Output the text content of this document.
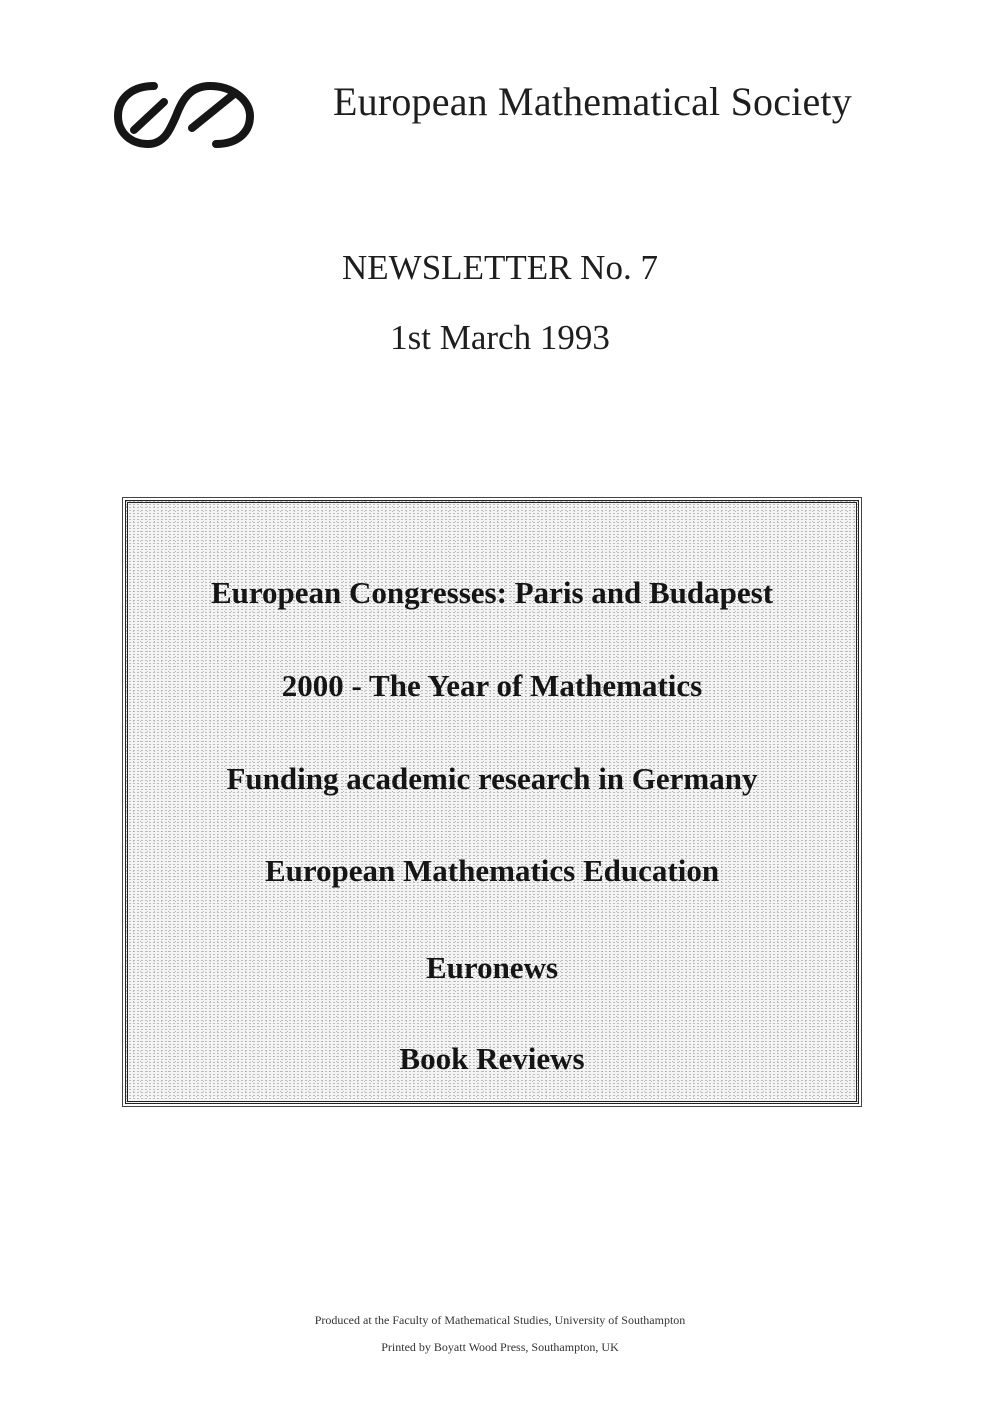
European Mathematical Society
NEWSLETTER No. 7
1st March 1993
European Congresses: Paris and Budapest
2000 - The Year of Mathematics
Funding academic research in Germany
European Mathematics Education
Euronews
Book Reviews
Produced at the Faculty of Mathematical Studies, University of Southampton
Printed by Boyatt Wood Press, Southampton, UK
